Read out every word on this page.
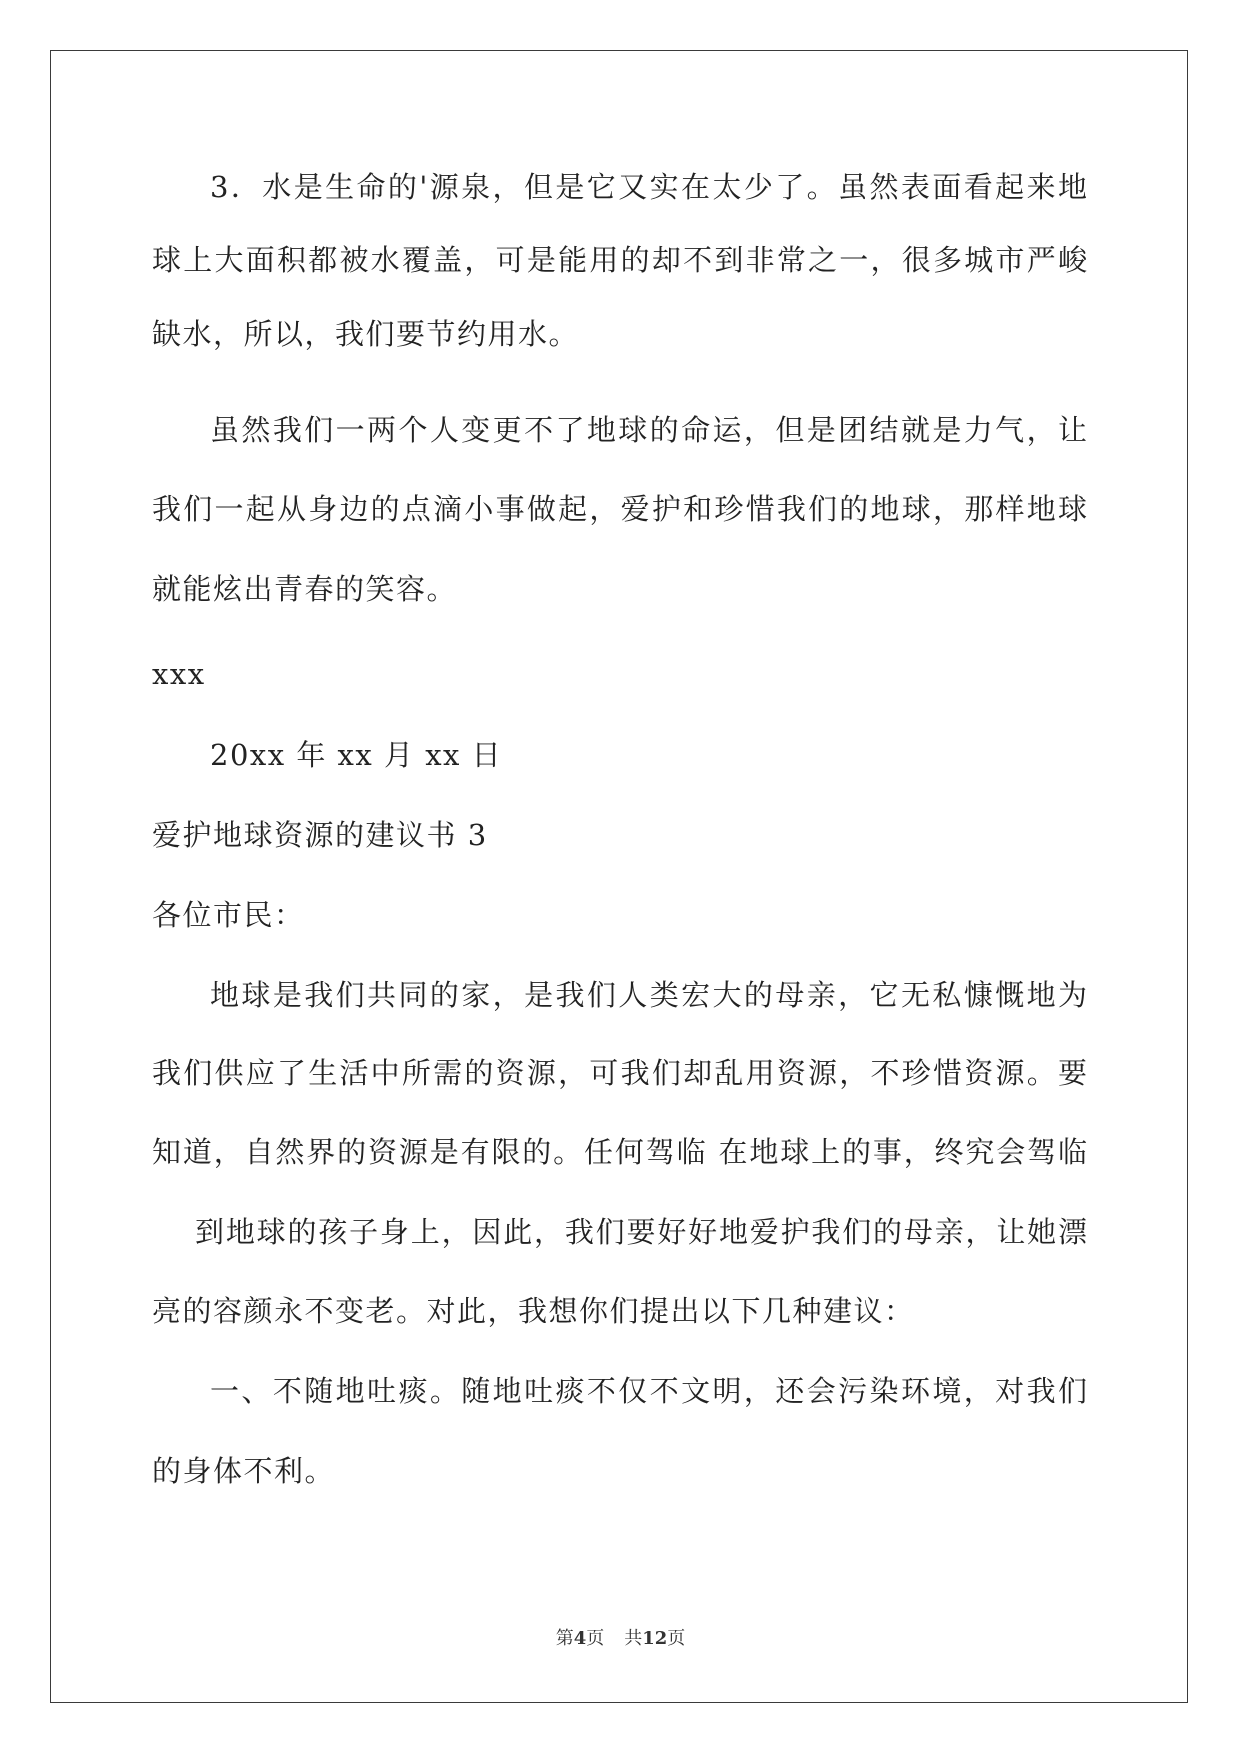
3．水是生命的'源泉，但是它又实在太少了。虽然表面看起来地
球上大面积都被水覆盖，可是能用的却不到非常之一，很多城市严峻
缺水，所以，我们要节约用水。
虽然我们一两个人变更不了地球的命运，但是团结就是力气，让
我们一起从身边的点滴小事做起，爱护和珍惜我们的地球，那样地球
就能炫出青春的笑容。
xxx
20xx 年 xx 月 xx 日
爱护地球资源的建议书 3
各位市民：
地球是我们共同的家，是我们人类宏大的母亲，它无私慷慨地为
我们供应了生活中所需的资源，可我们却乱用资源，不珍惜资源。要
知道，自然界的资源是有限的。任何驾临 在地球上的事，终究会驾临
到地球的孩子身上，因此，我们要好好地爱护我们的母亲，让她漂
亮的容颜永不变老。对此，我想你们提出以下几种建议：
一、不随地吐痰。随地吐痰不仅不文明，还会污染环境，对我们
的身体不利。
第4页 共12页
